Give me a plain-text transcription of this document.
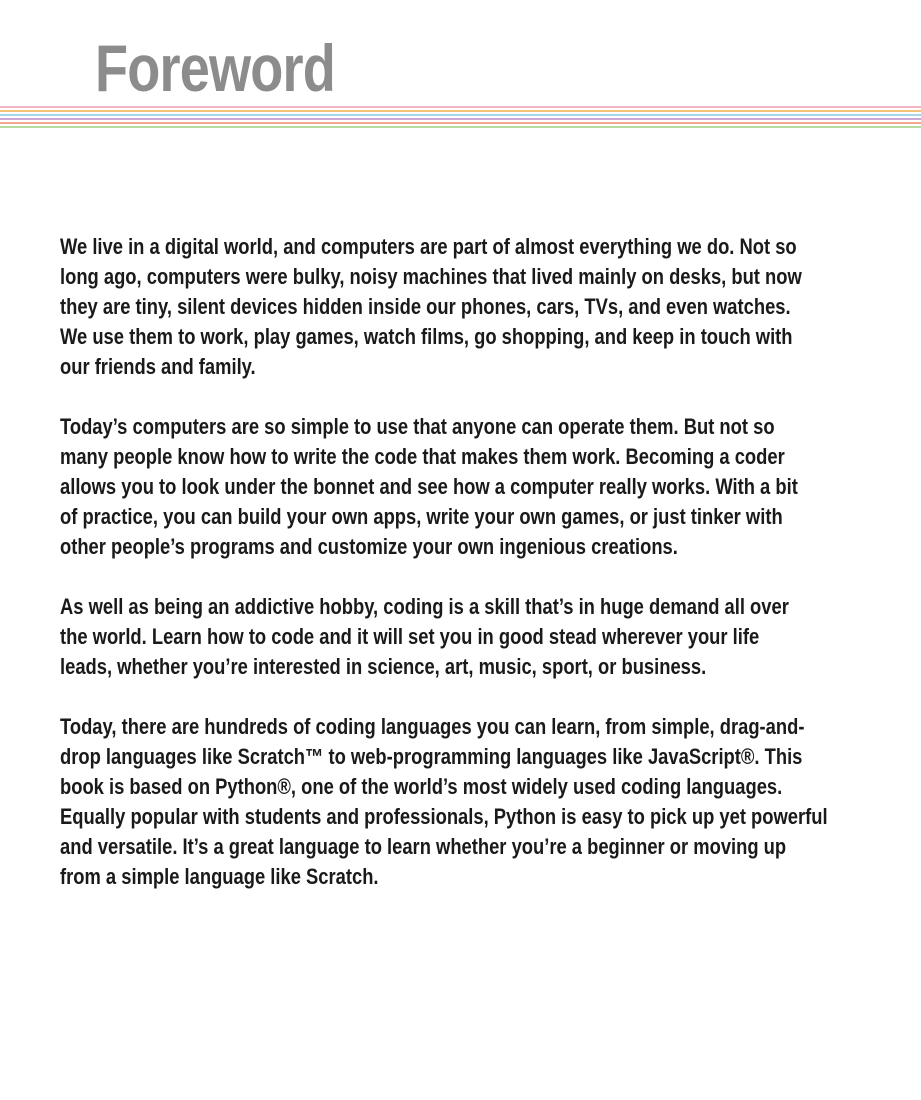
Foreword

We live in a digital world, and computers are part of almost everything we do. Not so
long ago, computers were bulky, noisy machines that lived mainly on desks, but now
they are tiny, silent devices hidden inside our phones, cars, TVs, and even watches.
We use them to work, play games, watch films, go shopping, and keep in touch with
our friends and family.

Today’s computers are so simple to use that anyone can operate them. But not so
many people know how to write the code that makes them work. Becoming a coder
allows you to look under the bonnet and see how a computer really works. With a bit
of practice, you can build your own apps, write your own games, or just tinker with
other people’s programs and customize your own ingenious creations.

As well as being an addictive hobby, coding is a skill that’s in huge demand all over
the world. Learn how to code and it will set you in good stead wherever your life
leads, whether you’re interested in science, art, music, sport, or business.

Today, there are hundreds of coding languages you can learn, from simple, drag-and-
drop languages like Scratch™ to web-programming languages like JavaScript®. This
book is based on Python®, one of the world’s most widely used coding languages.
Equally popular with students and professionals, Python is easy to pick up yet powerful
and versatile. It’s a great language to learn whether you’re a beginner or moving up
from a simple language like Scratch.
